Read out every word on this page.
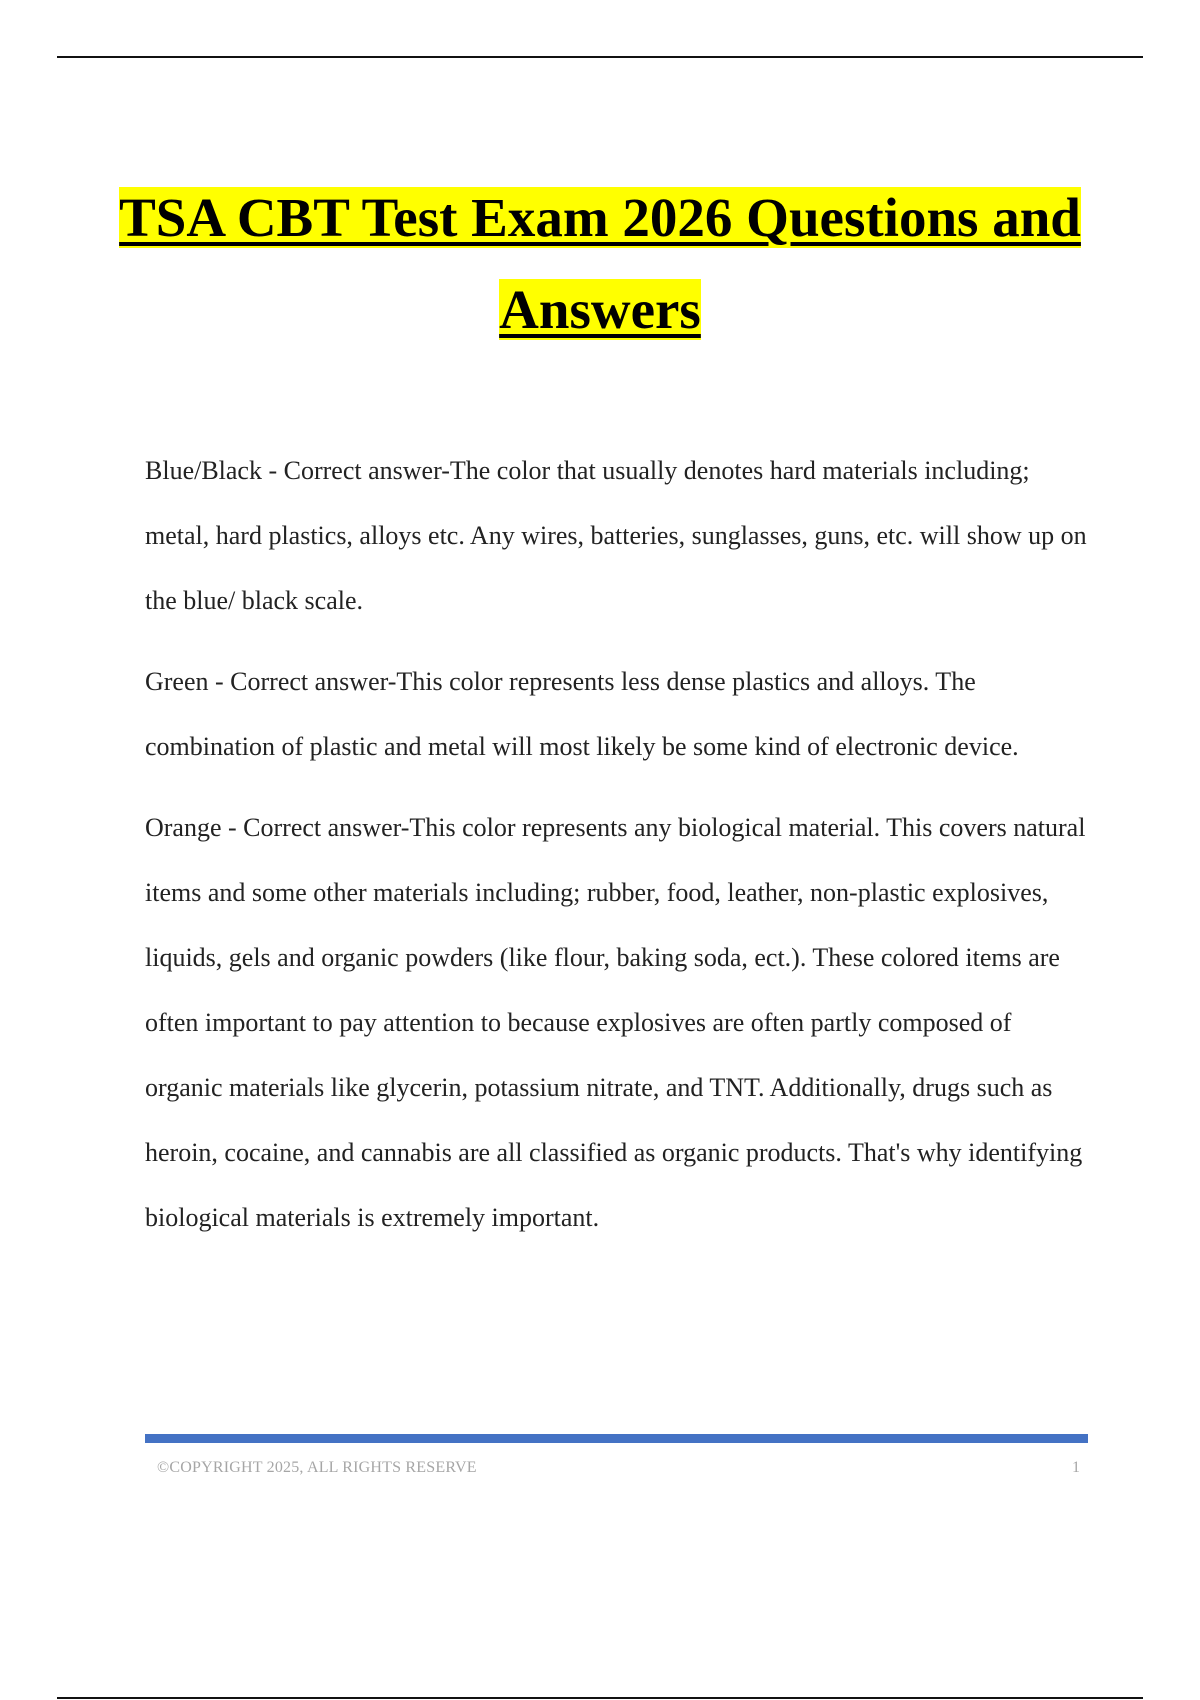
TSA CBT Test Exam 2026 Questions and Answers

Blue/Black - Correct answer-The color that usually denotes hard materials including; metal, hard plastics, alloys etc. Any wires, batteries, sunglasses, guns, etc. will show up on the blue/ black scale.

Green - Correct answer-This color represents less dense plastics and alloys. The combination of plastic and metal will most likely be some kind of electronic device.

Orange - Correct answer-This color represents any biological material. This covers natural items and some other materials including; rubber, food, leather, non-plastic explosives, liquids, gels and organic powders (like flour, baking soda, ect.). These colored items are often important to pay attention to because explosives are often partly composed of organic materials like glycerin, potassium nitrate, and TNT. Additionally, drugs such as heroin, cocaine, and cannabis are all classified as organic products. That's why identifying biological materials is extremely important.

©COPYRIGHT 2025, ALL RIGHTS RESERVE	1
